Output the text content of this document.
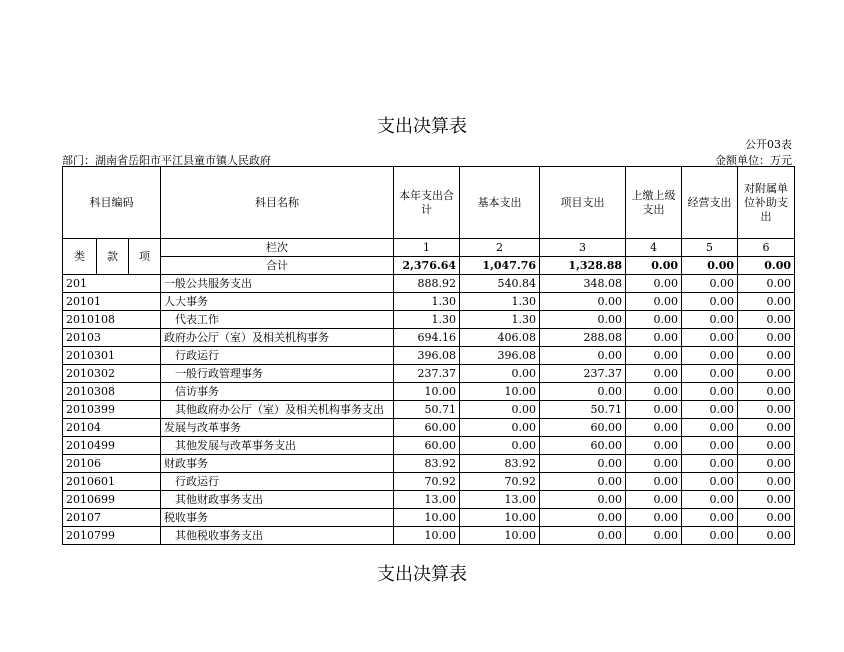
支出决算表
公开03表
部门：湖南省岳阳市平江县童市镇人民政府	金额单位：万元
科目编码			科目名称	本年支出合计	基本支出	项目支出	上缴上级支出	经营支出	对附属单位补助支出
类	款	项	栏次	1	2	3	4	5	6
			合计	2,376.64	1,047.76	1,328.88	0.00	0.00	0.00
201			一般公共服务支出	888.92	540.84	348.08	0.00	0.00	0.00
20101			人大事务	1.30	1.30	0.00	0.00	0.00	0.00
2010108			代表工作	1.30	1.30	0.00	0.00	0.00	0.00
20103			政府办公厅（室）及相关机构事务	694.16	406.08	288.08	0.00	0.00	0.00
2010301			行政运行	396.08	396.08	0.00	0.00	0.00	0.00
2010302			一般行政管理事务	237.37	0.00	237.37	0.00	0.00	0.00
2010308			信访事务	10.00	10.00	0.00	0.00	0.00	0.00
2010399			其他政府办公厅（室）及相关机构事务支出	50.71	0.00	50.71	0.00	0.00	0.00
20104			发展与改革事务	60.00	0.00	60.00	0.00	0.00	0.00
2010499			其他发展与改革事务支出	60.00	0.00	60.00	0.00	0.00	0.00
20106			财政事务	83.92	83.92	0.00	0.00	0.00	0.00
2010601			行政运行	70.92	70.92	0.00	0.00	0.00	0.00
2010699			其他财政事务支出	13.00	13.00	0.00	0.00	0.00	0.00
20107			税收事务	10.00	10.00	0.00	0.00	0.00	0.00
2010799			其他税收事务支出	10.00	10.00	0.00	0.00	0.00	0.00
支出决算表
